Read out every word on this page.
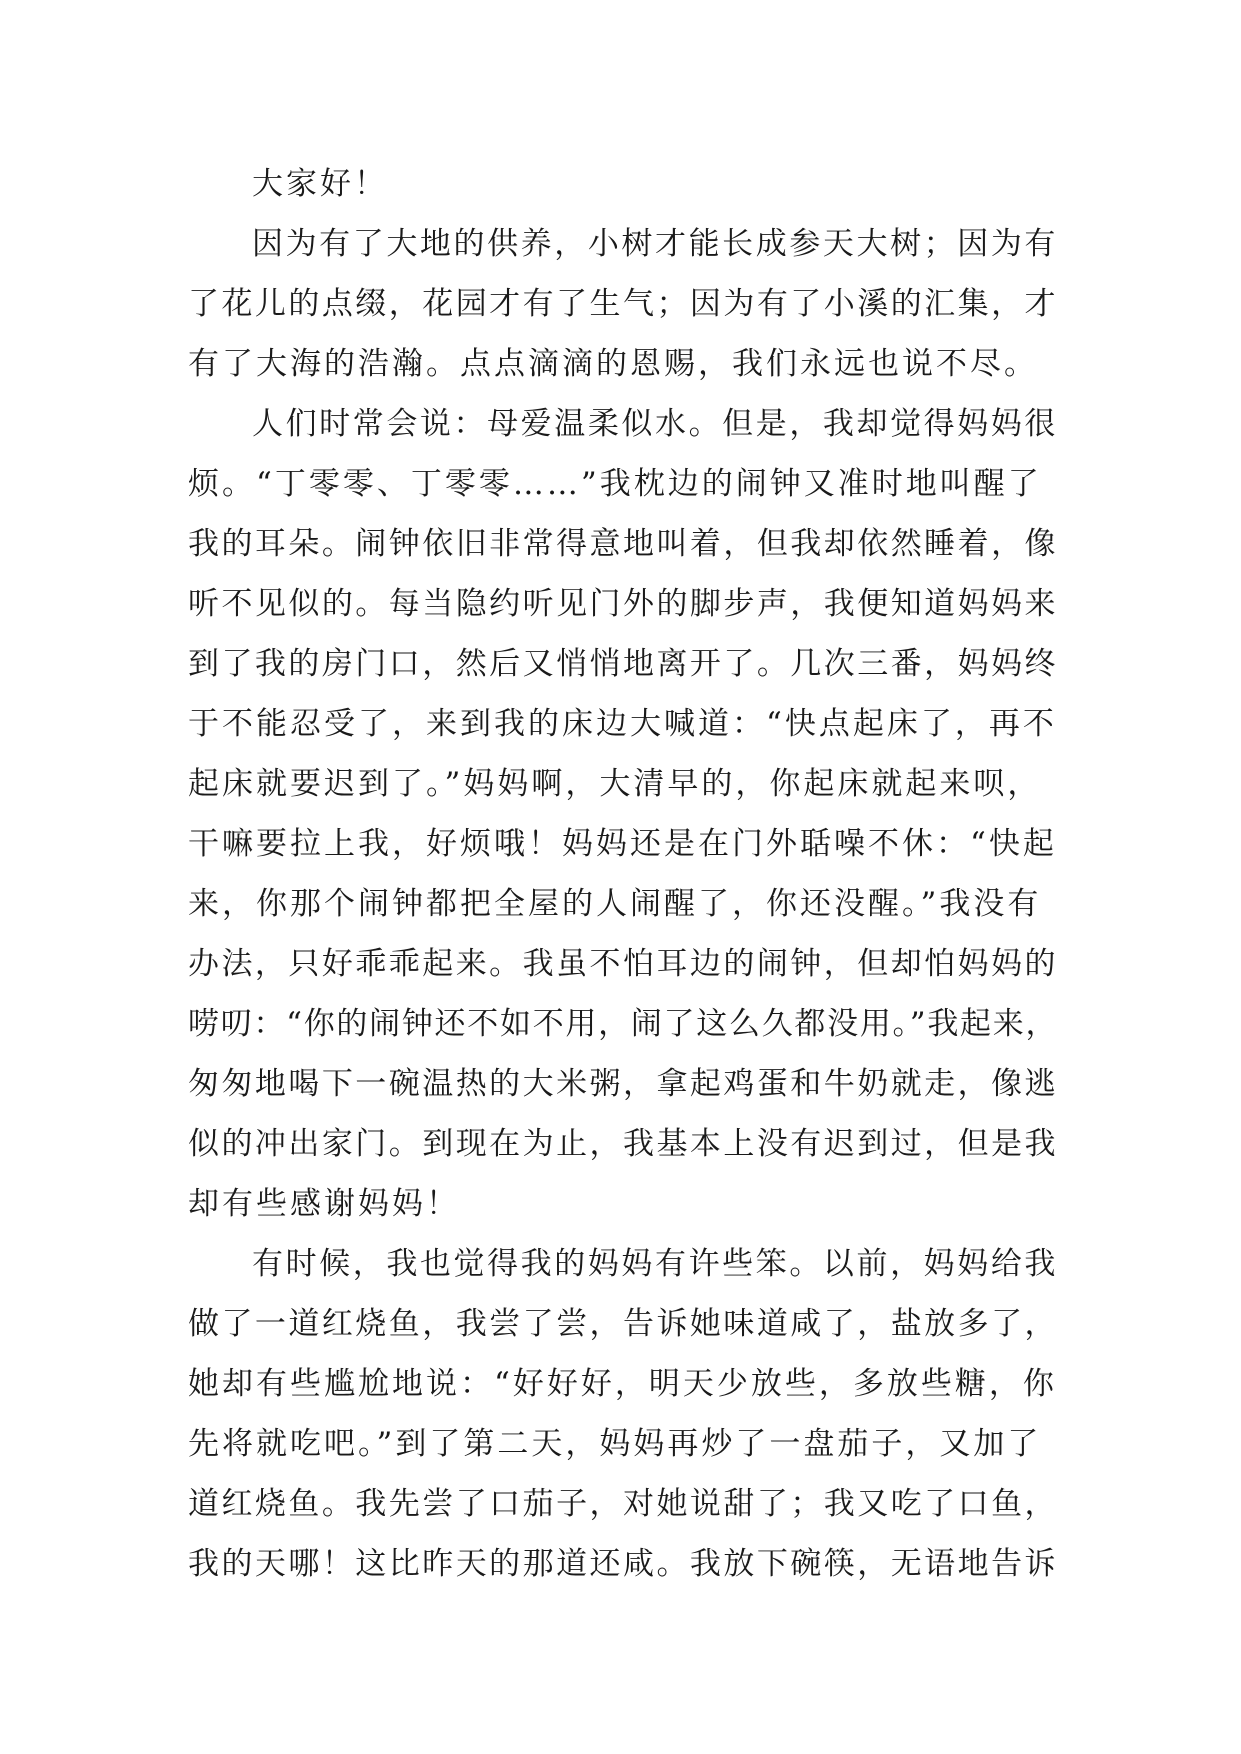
大家好！
因为有了大地的供养，小树才能长成参天大树；因为有
了花儿的点缀，花园才有了生气；因为有了小溪的汇集，才
有了大海的浩瀚。点点滴滴的恩赐，我们永远也说不尽。
人们时常会说：母爱温柔似水。但是，我却觉得妈妈很
烦。“丁零零、丁零零……”我枕边的闹钟又准时地叫醒了
我的耳朵。闹钟依旧非常得意地叫着，但我却依然睡着，像
听不见似的。每当隐约听见门外的脚步声，我便知道妈妈来
到了我的房门口，然后又悄悄地离开了。几次三番，妈妈终
于不能忍受了，来到我的床边大喊道：“快点起床了，再不
起床就要迟到了。”妈妈啊，大清早的，你起床就起来呗，
干嘛要拉上我，好烦哦！妈妈还是在门外聒噪不休：“快起
来，你那个闹钟都把全屋的人闹醒了，你还没醒。”我没有
办法，只好乖乖起来。我虽不怕耳边的闹钟，但却怕妈妈的
唠叨：“你的闹钟还不如不用，闹了这么久都没用。”我起来，
匆匆地喝下一碗温热的大米粥，拿起鸡蛋和牛奶就走，像逃
似的冲出家门。到现在为止，我基本上没有迟到过，但是我
却有些感谢妈妈！
有时候，我也觉得我的妈妈有许些笨。以前，妈妈给我
做了一道红烧鱼，我尝了尝，告诉她味道咸了，盐放多了，
她却有些尴尬地说：“好好好，明天少放些，多放些糖，你
先将就吃吧。”到了第二天，妈妈再炒了一盘茄子，又加了
道红烧鱼。我先尝了口茄子，对她说甜了；我又吃了口鱼，
我的天哪！这比昨天的那道还咸。我放下碗筷，无语地告诉
